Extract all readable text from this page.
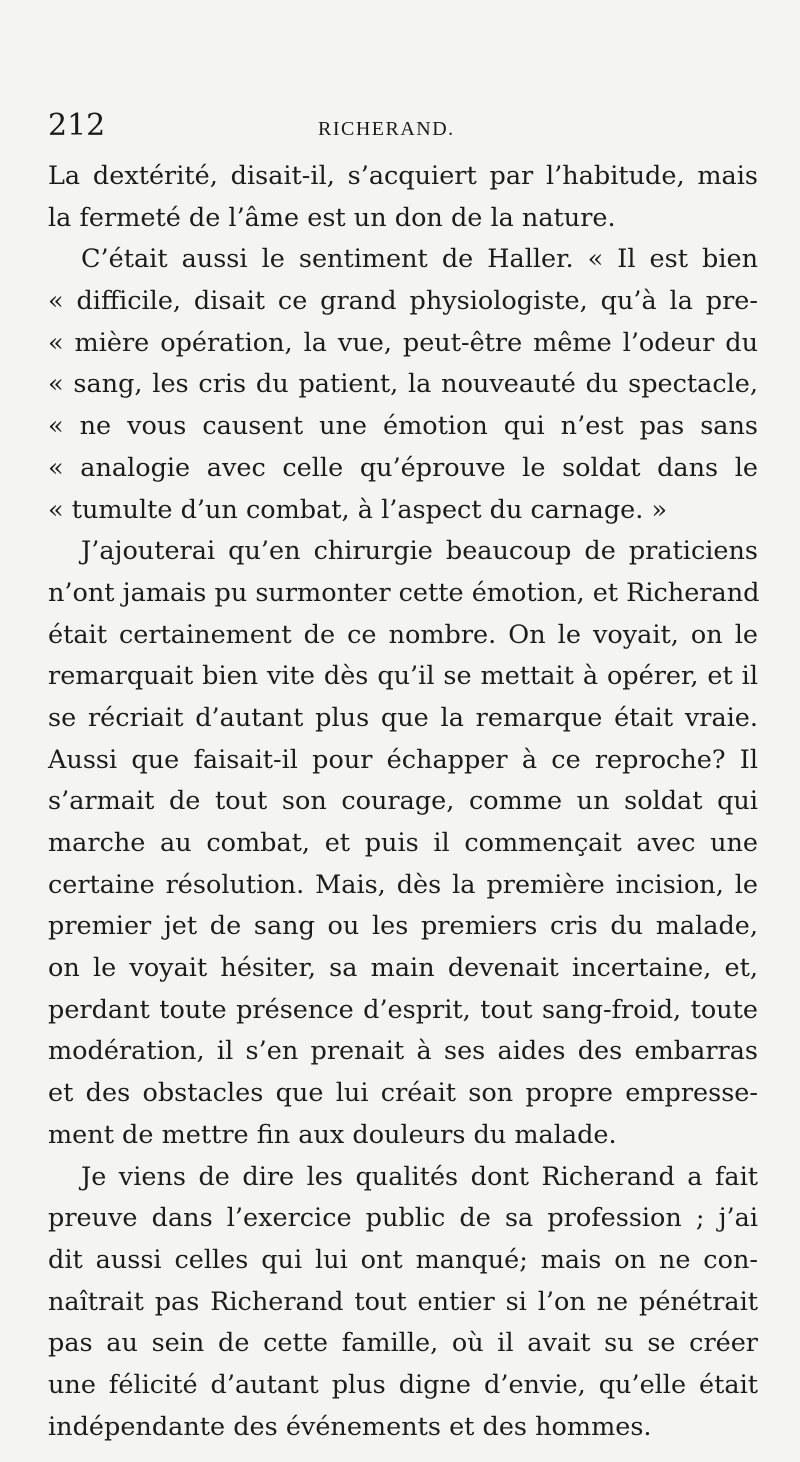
212	RICHERAND.
La dextérité, disait-il, s’acquiert par l’habitude, mais
la fermeté de l’âme est un don de la nature.
C’était aussi le sentiment de Haller. « Il est bien
« difficile, disait ce grand physiologiste, qu’à la pre-
« mière opération, la vue, peut-être même l’odeur du
« sang, les cris du patient, la nouveauté du spectacle,
« ne vous causent une émotion qui n’est pas sans
« analogie avec celle qu’éprouve le soldat dans le
« tumulte d’un combat, à l’aspect du carnage. »
J’ajouterai qu’en chirurgie beaucoup de praticiens
n’ont jamais pu surmonter cette émotion, et Richerand
était certainement de ce nombre. On le voyait, on le
remarquait bien vite dès qu’il se mettait à opérer, et il
se récriait d’autant plus que la remarque était vraie.
Aussi que faisait-il pour échapper à ce reproche? Il
s’armait de tout son courage, comme un soldat qui
marche au combat, et puis il commençait avec une
certaine résolution. Mais, dès la première incision, le
premier jet de sang ou les premiers cris du malade,
on le voyait hésiter, sa main devenait incertaine, et,
perdant toute présence d’esprit, tout sang-froid, toute
modération, il s’en prenait à ses aides des embarras
et des obstacles que lui créait son propre empresse-
ment de mettre fin aux douleurs du malade.
Je viens de dire les qualités dont Richerand a fait
preuve dans l’exercice public de sa profession ; j’ai
dit aussi celles qui lui ont manqué; mais on ne con-
naîtrait pas Richerand tout entier si l’on ne pénétrait
pas au sein de cette famille, où il avait su se créer
une félicité d’autant plus digne d’envie, qu’elle était
indépendante des événements et des hommes.
